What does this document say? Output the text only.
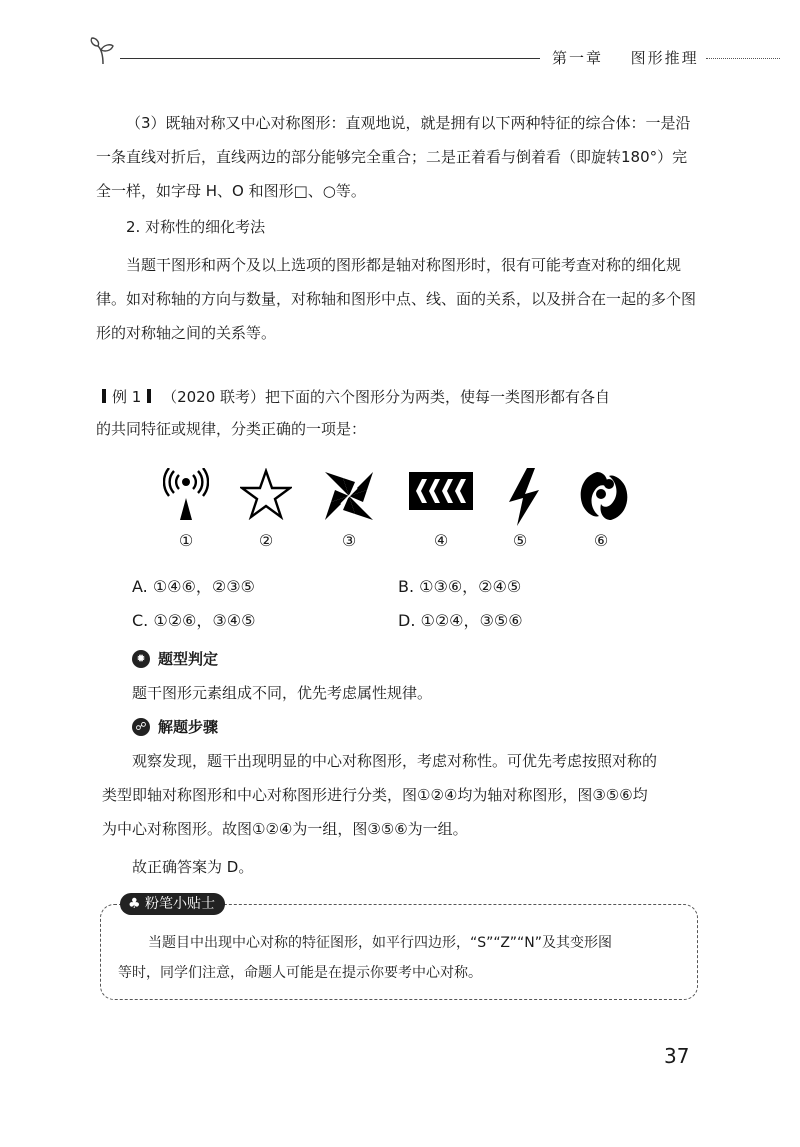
第一章 图形推理

（3）既轴对称又中心对称图形：直观地说，就是拥有以下两种特征的综合体：一是沿一条直线对折后，直线两边的部分能够完全重合；二是正着看与倒着看（即旋转180°）完全一样，如字母 H、O 和图形□、○等。

2. 对称性的细化考法

当题干图形和两个及以上选项的图形都是轴对称图形时，很有可能考查对称的细化规律。如对称轴的方向与数量，对称轴和图形中点、线、面的关系，以及拼合在一起的多个图形的对称轴之间的关系等。

例 1 （2020 联考）把下面的六个图形分为两类，使每一类图形都有各自
的共同特征或规律，分类正确的一项是：
①	②	③	④	⑤	⑥
A. ①④⑥，②③⑤	B. ①③⑥，②④⑤
C. ①②⑥，③④⑤	D. ①②④，③⑤⑥
✹ 题型判定
题干图形元素组成不同，优先考虑属性规律。
☍ 解题步骤
观察发现，题干出现明显的中心对称图形，考虑对称性。可优先考虑按照对称的
类型即轴对称图形和中心对称图形进行分类，图①②④均为轴对称图形，图③⑤⑥均
为中心对称图形。故图①②④为一组，图③⑤⑥为一组。
故正确答案为 D。
♣ 粉笔小贴士
当题目中出现中心对称的特征图形，如平行四边形，“S”“Z”“N”及其变形图
等时，同学们注意，命题人可能是在提示你要考中心对称。
37
